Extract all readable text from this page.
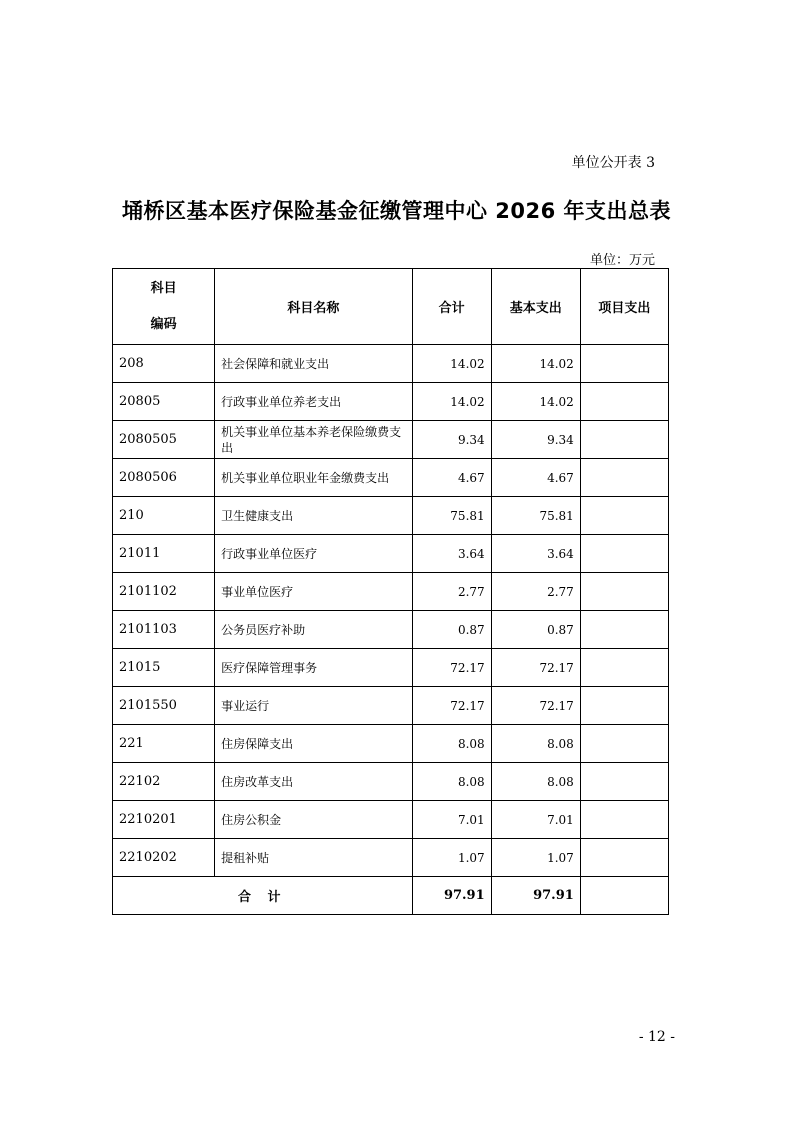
单位公开表 3
埇桥区基本医疗保险基金征缴管理中心 2026 年支出总表
单位：万元
科目
编码	科目名称	合计	基本支出	项目支出
208	社会保障和就业支出	14.02	14.02	
20805	行政事业单位养老支出	14.02	14.02	
2080505	机关事业单位基本养老保险缴费支出	9.34	9.34	
2080506	机关事业单位职业年金缴费支出	4.67	4.67	
210	卫生健康支出	75.81	75.81	
21011	行政事业单位医疗	3.64	3.64	
2101102	事业单位医疗	2.77	2.77	
2101103	公务员医疗补助	0.87	0.87	
21015	医疗保障管理事务	72.17	72.17	
2101550	事业运行	72.17	72.17	
221	住房保障支出	8.08	8.08	
22102	住房改革支出	8.08	8.08	
2210201	住房公积金	7.01	7.01	
2210202	提租补贴	1.07	1.07	
合 计		97.91	97.91	
- 12 -
